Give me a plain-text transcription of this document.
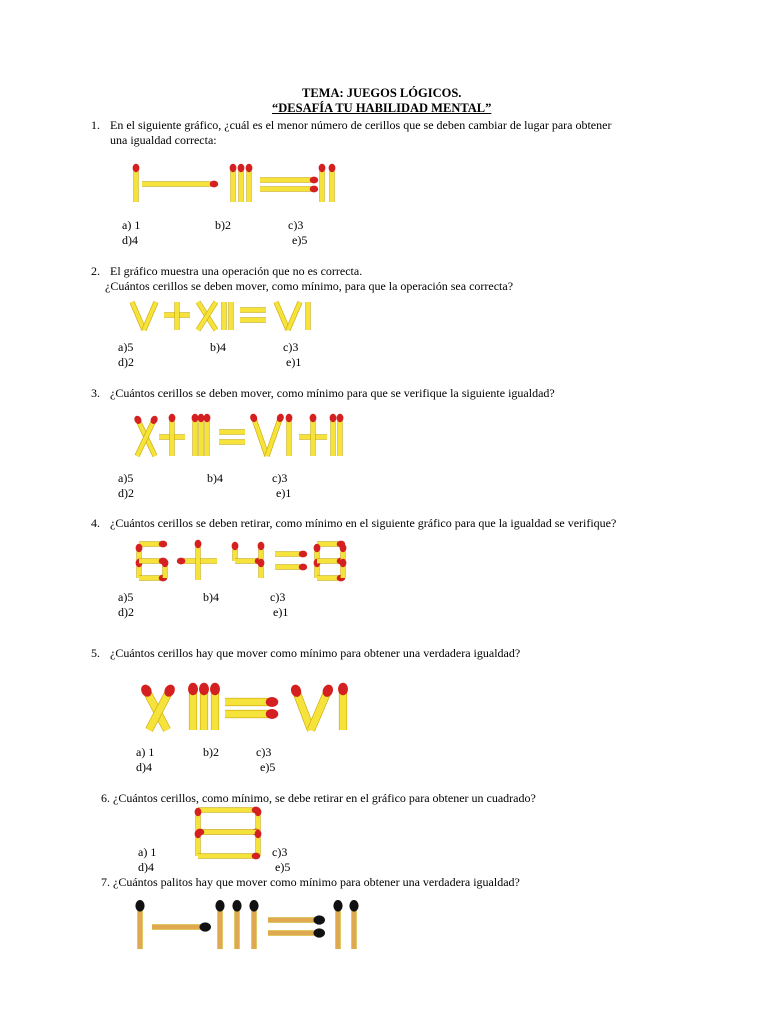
TEMA: JUEGOS LÓGICOS.
“DESAFÍA TU HABILIDAD MENTAL”
1. En el siguiente gráfico, ¿cuál es el menor número de cerillos que se deben cambiar de lugar para obtener
una igualdad correcta:
a) 1	b)2	c)3
d)4	e)5
2. El gráfico muestra una operación que no es correcta.
¿Cuántos cerillos se deben mover, como mínimo, para que la operación sea correcta?
a)5	b)4	c)3
d)2	e)1
3. ¿Cuántos cerillos se deben mover, como mínimo para que se verifique la siguiente igualdad?
a)5	b)4	c)3
d)2	e)1
4. ¿Cuántos cerillos se deben retirar, como mínimo en el siguiente gráfico para que la igualdad se verifique?
a)5	b)4	c)3
d)2	e)1
5. ¿Cuántos cerillos hay que mover como mínimo para obtener una verdadera igualdad?
a) 1	b)2	c)3
d)4	e)5
6. ¿Cuántos cerillos, como mínimo, se debe retirar en el gráfico para obtener un cuadrado?
a) 1	c)3
d)4	e)5
7. ¿Cuántos palitos hay que mover como mínimo para obtener una verdadera igualdad?
